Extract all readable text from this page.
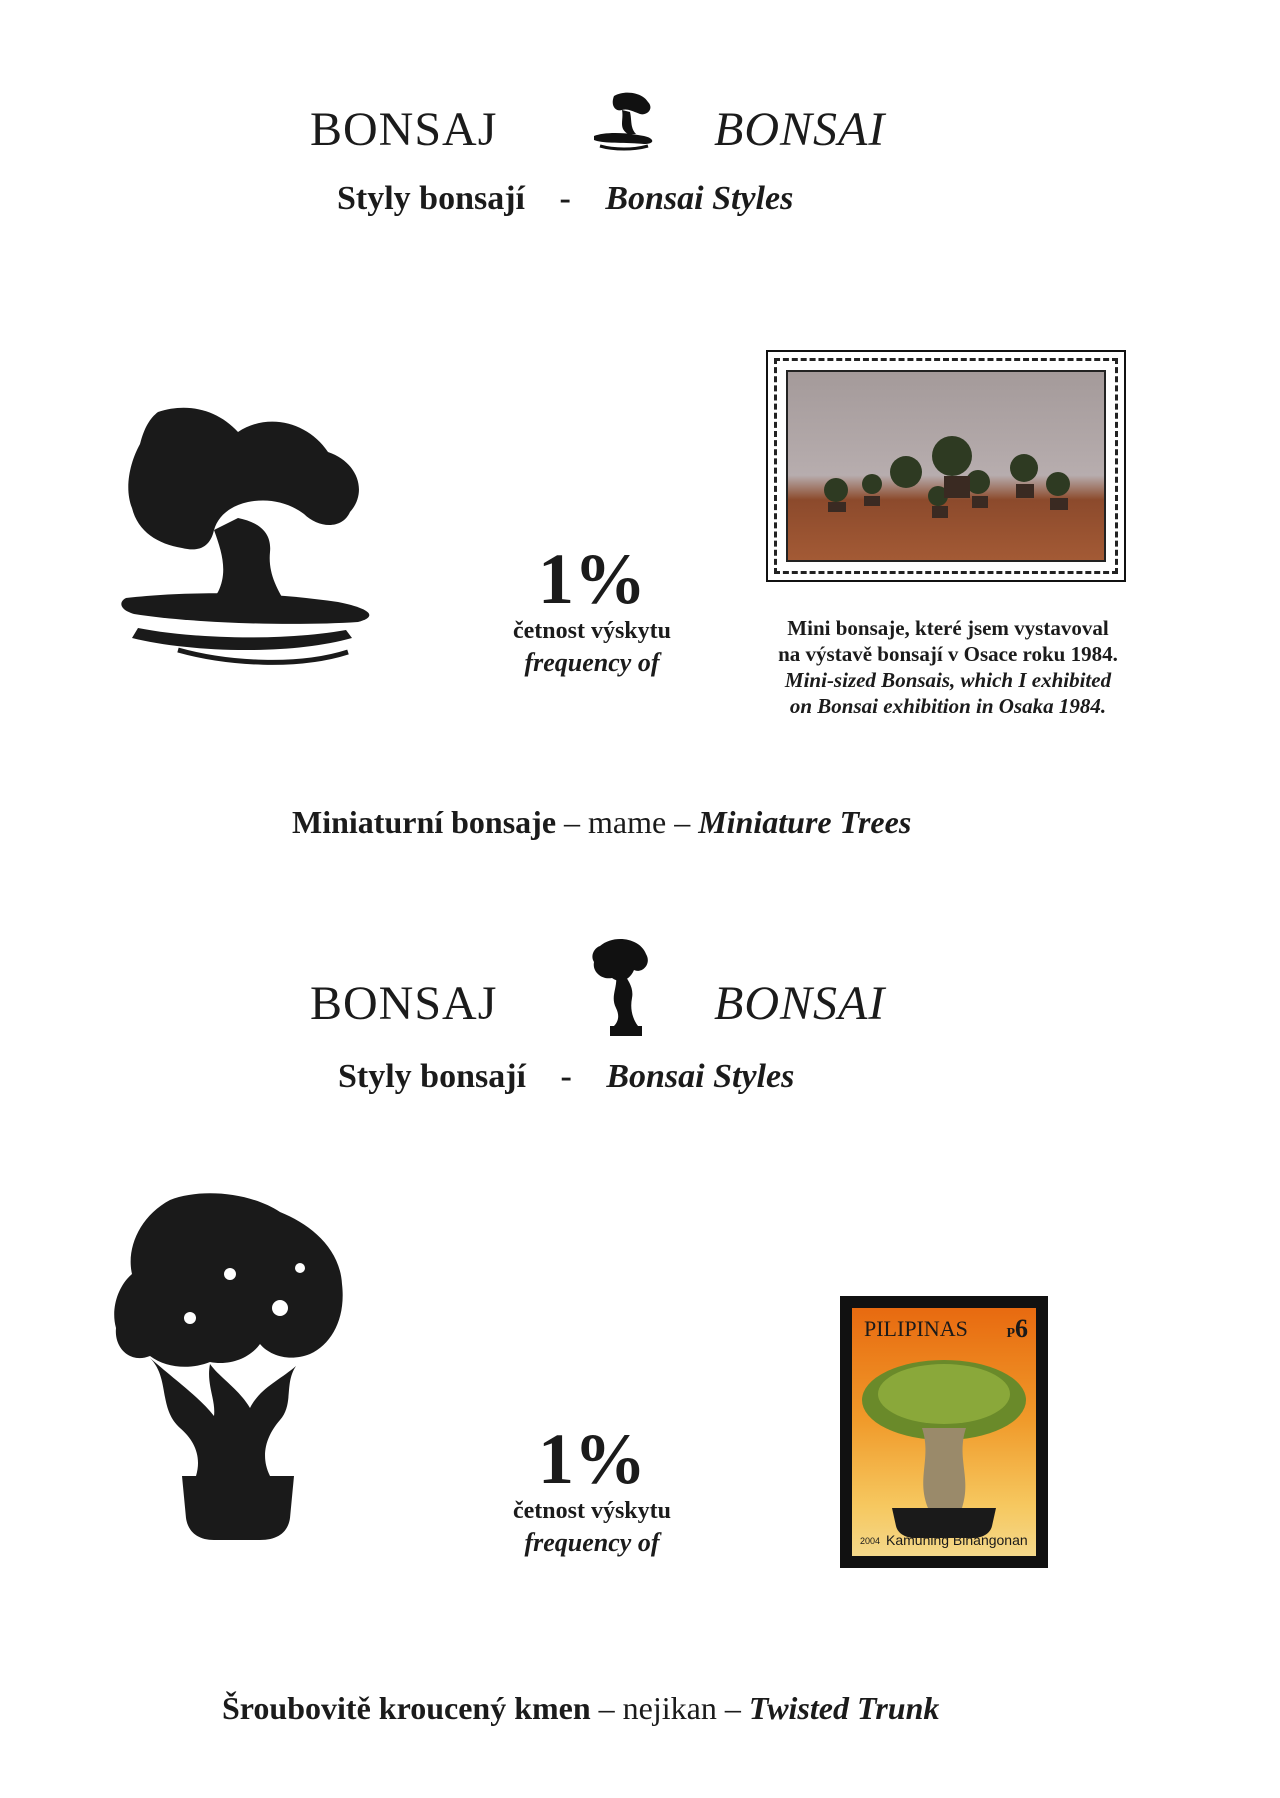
BONSAJ	BONSAI
Styly bonsají - Bonsai Styles
1%
četnost výskytu
frequency of
Mini bonsaje, které jsem vystavoval
na výstavě bonsají v Osace roku 1984.
Mini-sized Bonsais, which I exhibited
on Bonsai exhibition in Osaka 1984.
Miniaturní bonsaje – mame – Miniature Trees
BONSAJ	BONSAI
Styly bonsají - Bonsai Styles
1%
četnost výskytu
frequency of
PILIPINAS	P6
2004 Kamuning Binangonan
Šroubovitě kroucený kmen – nejikan – Twisted Trunk
